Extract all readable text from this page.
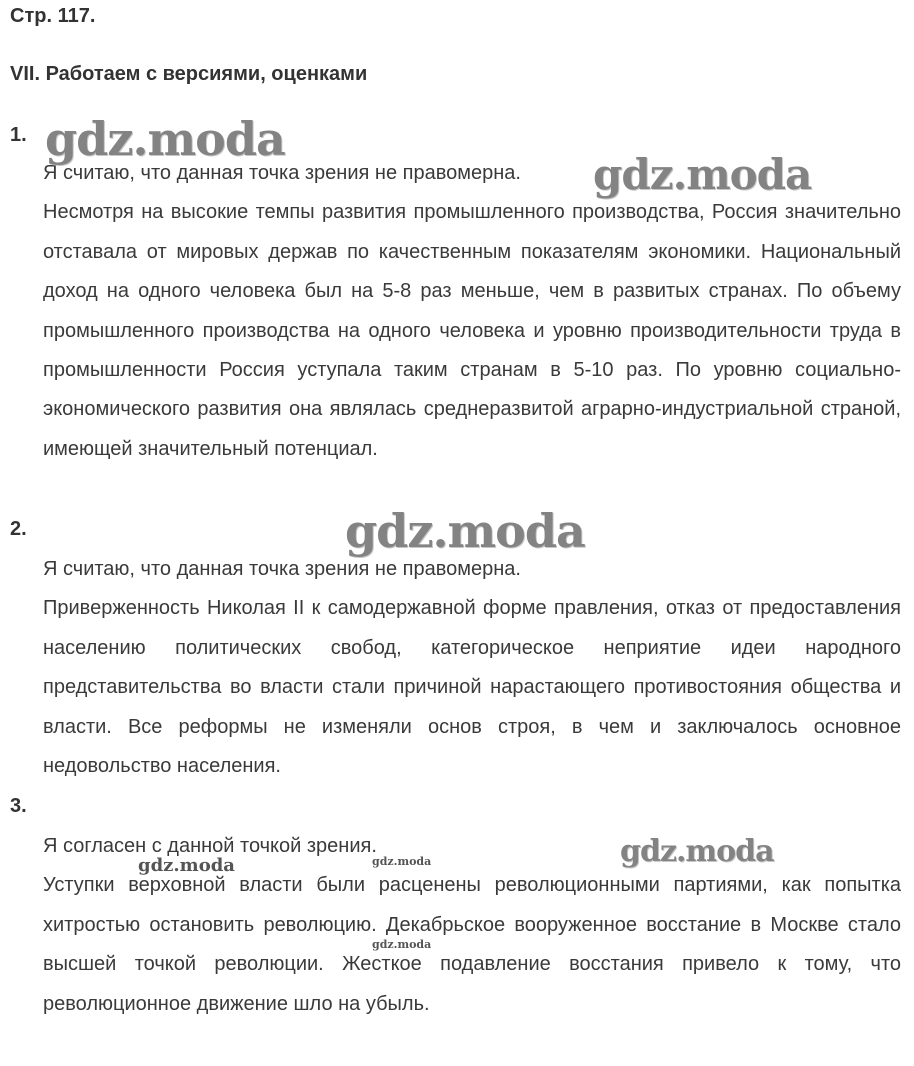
Стр. 117.
VII. Работаем с версиями, оценками
1.

Я считаю, что данная точка зрения не правомерна.

Несмотря на высокие темпы развития промышленного производства, Россия значительно отставала от мировых держав по качественным показателям экономики. Национальный доход на одного человека был на 5-8 раз меньше, чем в развитых странах. По объему промышленного производства на одного человека и уровню производительности труда в промышленности Россия уступала таким странам в 5-10 раз. По уровню социально-экономического развития она являлась среднеразвитой аграрно-индустриальной страной, имеющей значительный потенциал.

2.

Я считаю, что данная точка зрения не правомерна.

Приверженность Николая II к самодержавной форме правления, отказ от предоставления населению политических свобод, категорическое неприятие идеи народного представительства во власти стали причиной нарастающего противостояния общества и власти. Все реформы не изменяли основ строя, в чем и заключалось основное недовольство населения.

3.

Я согласен с данной точкой зрения.

Уступки верховной власти были расценены революционными партиями, как попытка хитростью остановить революцию. Декабрьское вооруженное восстание в Москве стало высшей точкой революции. Жесткое подавление восстания привело к тому, что революционное движение шло на убыль.

gdz.moda
gdz.moda
gdz.moda
gdz.moda
gdz.moda	gdz.moda
gdz.moda
